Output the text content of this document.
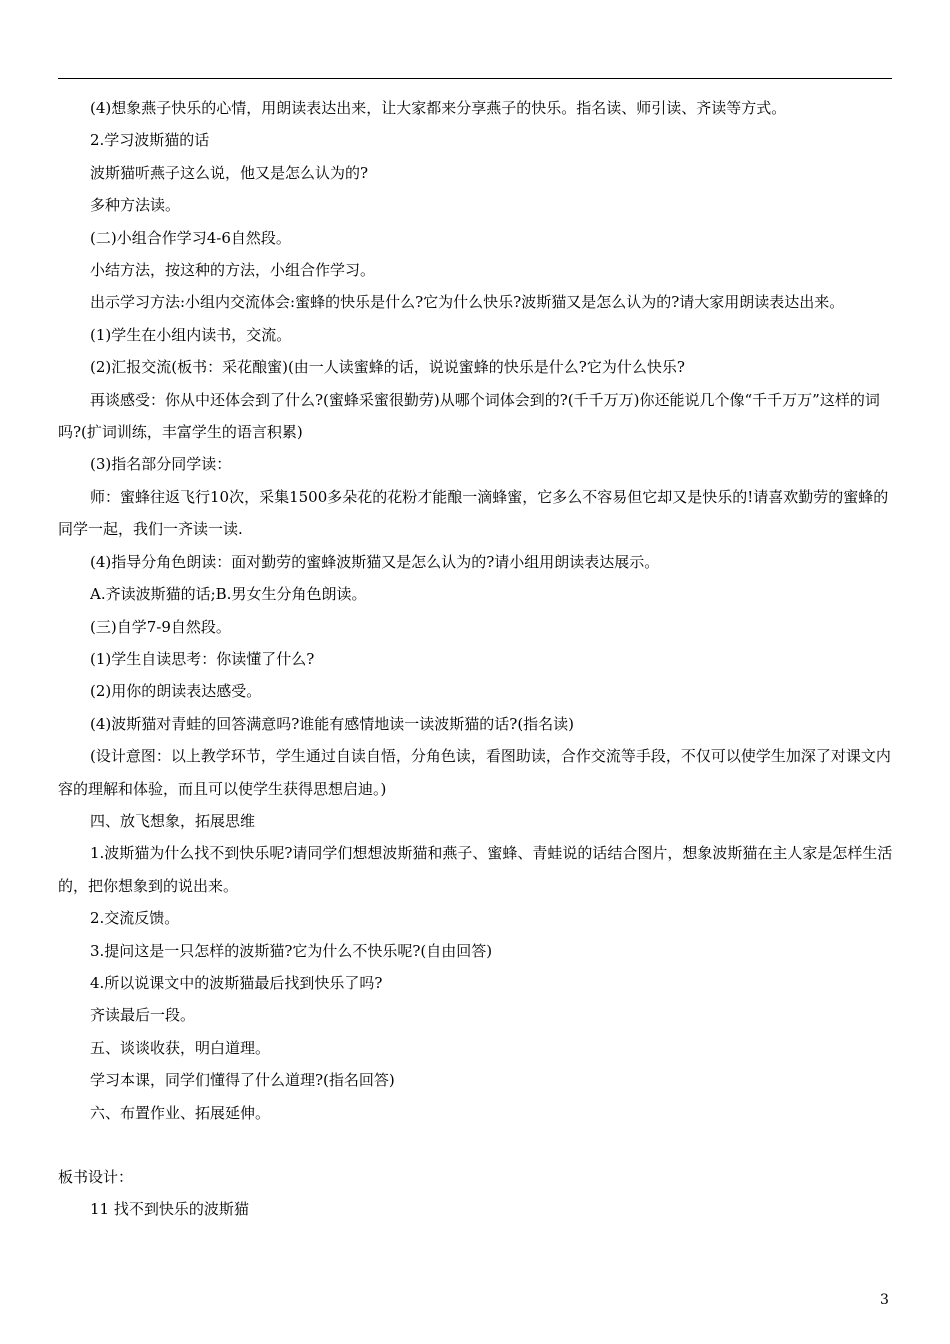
(4)想象燕子快乐的心情，用朗读表达出来，让大家都来分享燕子的快乐。指名读、师引读、齐读等方式。

2.学习波斯猫的话

波斯猫听燕子这么说，他又是怎么认为的?

多种方法读。

(二)小组合作学习4-6自然段。

小结方法，按这种的方法，小组合作学习。

出示学习方法:小组内交流体会:蜜蜂的快乐是什么?它为什么快乐?波斯猫又是怎么认为的?请大家用朗读表达出来。

(1)学生在小组内读书，交流。

(2)汇报交流(板书：采花酿蜜)(由一人读蜜蜂的话，说说蜜蜂的快乐是什么?它为什么快乐?

再谈感受：你从中还体会到了什么?(蜜蜂采蜜很勤劳)从哪个词体会到的?(千千万万)你还能说几个像“千千万万”这样的词吗?(扩词训练，丰富学生的语言积累)

(3)指名部分同学读：

师：蜜蜂往返飞行10次，采集1500多朵花的花粉才能酿一滴蜂蜜，它多么不容易但它却又是快乐的!请喜欢勤劳的蜜蜂的同学一起，我们一齐读一读.

(4)指导分角色朗读：面对勤劳的蜜蜂波斯猫又是怎么认为的?请小组用朗读表达展示。

A.齐读波斯猫的话;B.男女生分角色朗读。

(三)自学7-9自然段。

(1)学生自读思考：你读懂了什么?

(2)用你的朗读表达感受。

(4)波斯猫对青蛙的回答满意吗?谁能有感情地读一读波斯猫的话?(指名读)

(设计意图：以上教学环节，学生通过自读自悟，分角色读，看图助读，合作交流等手段，不仅可以使学生加深了对课文内容的理解和体验，而且可以使学生获得思想启迪。)

四、放飞想象，拓展思维

1.波斯猫为什么找不到快乐呢?请同学们想想波斯猫和燕子、蜜蜂、青蛙说的话结合图片，想象波斯猫在主人家是怎样生活的，把你想象到的说出来。

2.交流反馈。

3.提问这是一只怎样的波斯猫?它为什么不快乐呢?(自由回答)

4.所以说课文中的波斯猫最后找到快乐了吗?

齐读最后一段。

五、谈谈收获，明白道理。

学习本课，同学们懂得了什么道理?(指名回答)

六、布置作业、拓展延伸。

板书设计：

11 找不到快乐的波斯猫

3
